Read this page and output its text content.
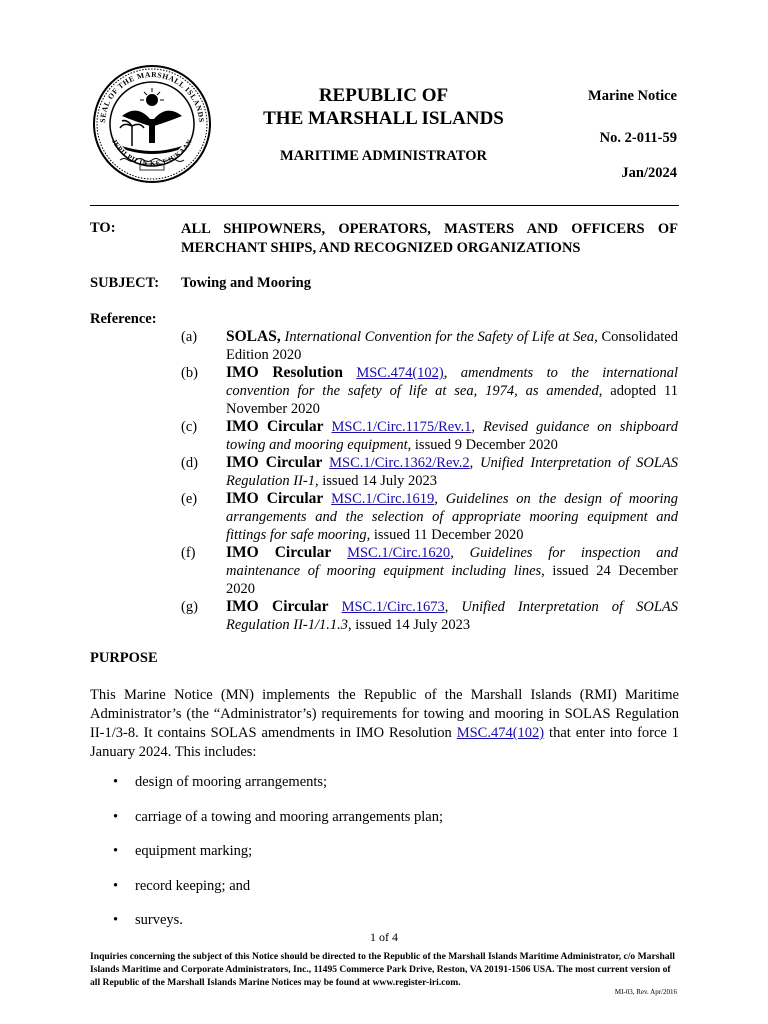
SEAL OF THE MARSHALL ISLANDS
JEPILPILIN KE EJUKAAN
REPUBLIC OF
THE MARSHALL ISLANDS
MARITIME ADMINISTRATOR
Marine Notice
No. 2-011-59
Jan/2024
TO:	ALL SHIPOWNERS, OPERATORS, MASTERS AND OFFICERS OF MERCHANT SHIPS, AND RECOGNIZED ORGANIZATIONS
SUBJECT: Towing and Mooring
Reference:
(a)	SOLAS, International Convention for the Safety of Life at Sea, Consolidated Edition 2020
(b)	IMO Resolution MSC.474(102), amendments to the international convention for the safety of life at sea, 1974, as amended, adopted 11 November 2020
(c)	IMO Circular MSC.1/Circ.1175/Rev.1, Revised guidance on shipboard towing and mooring equipment, issued 9 December 2020
(d)	IMO Circular MSC.1/Circ.1362/Rev.2, Unified Interpretation of SOLAS Regulation II-1, issued 14 July 2023
(e)	IMO Circular MSC.1/Circ.1619, Guidelines on the design of mooring arrangements and the selection of appropriate mooring equipment and fittings for safe mooring, issued 11 December 2020
(f)	IMO Circular MSC.1/Circ.1620, Guidelines for inspection and maintenance of mooring equipment including lines, issued 24 December 2020
(g)	IMO Circular MSC.1/Circ.1673, Unified Interpretation of SOLAS Regulation II-1/1.1.3, issued 14 July 2023
PURPOSE
This Marine Notice (MN) implements the Republic of the Marshall Islands (RMI) Maritime Administrator’s (the “Administrator’s) requirements for towing and mooring in SOLAS Regulation II-1/3-8. It contains SOLAS amendments in IMO Resolution MSC.474(102) that enter into force 1 January 2024. This includes:
•	design of mooring arrangements;
•	carriage of a towing and mooring arrangements plan;
•	equipment marking;
•	record keeping; and
•	surveys.
1 of 4
Inquiries concerning the subject of this Notice should be directed to the Republic of the Marshall Islands Maritime Administrator, c/o Marshall Islands Maritime and Corporate Administrators, Inc., 11495 Commerce Park Drive, Reston, VA 20191-1506 USA. The most current version of all Republic of the Marshall Islands Marine Notices may be found at www.register-iri.com.
MI-03, Rev. Apr/2016
